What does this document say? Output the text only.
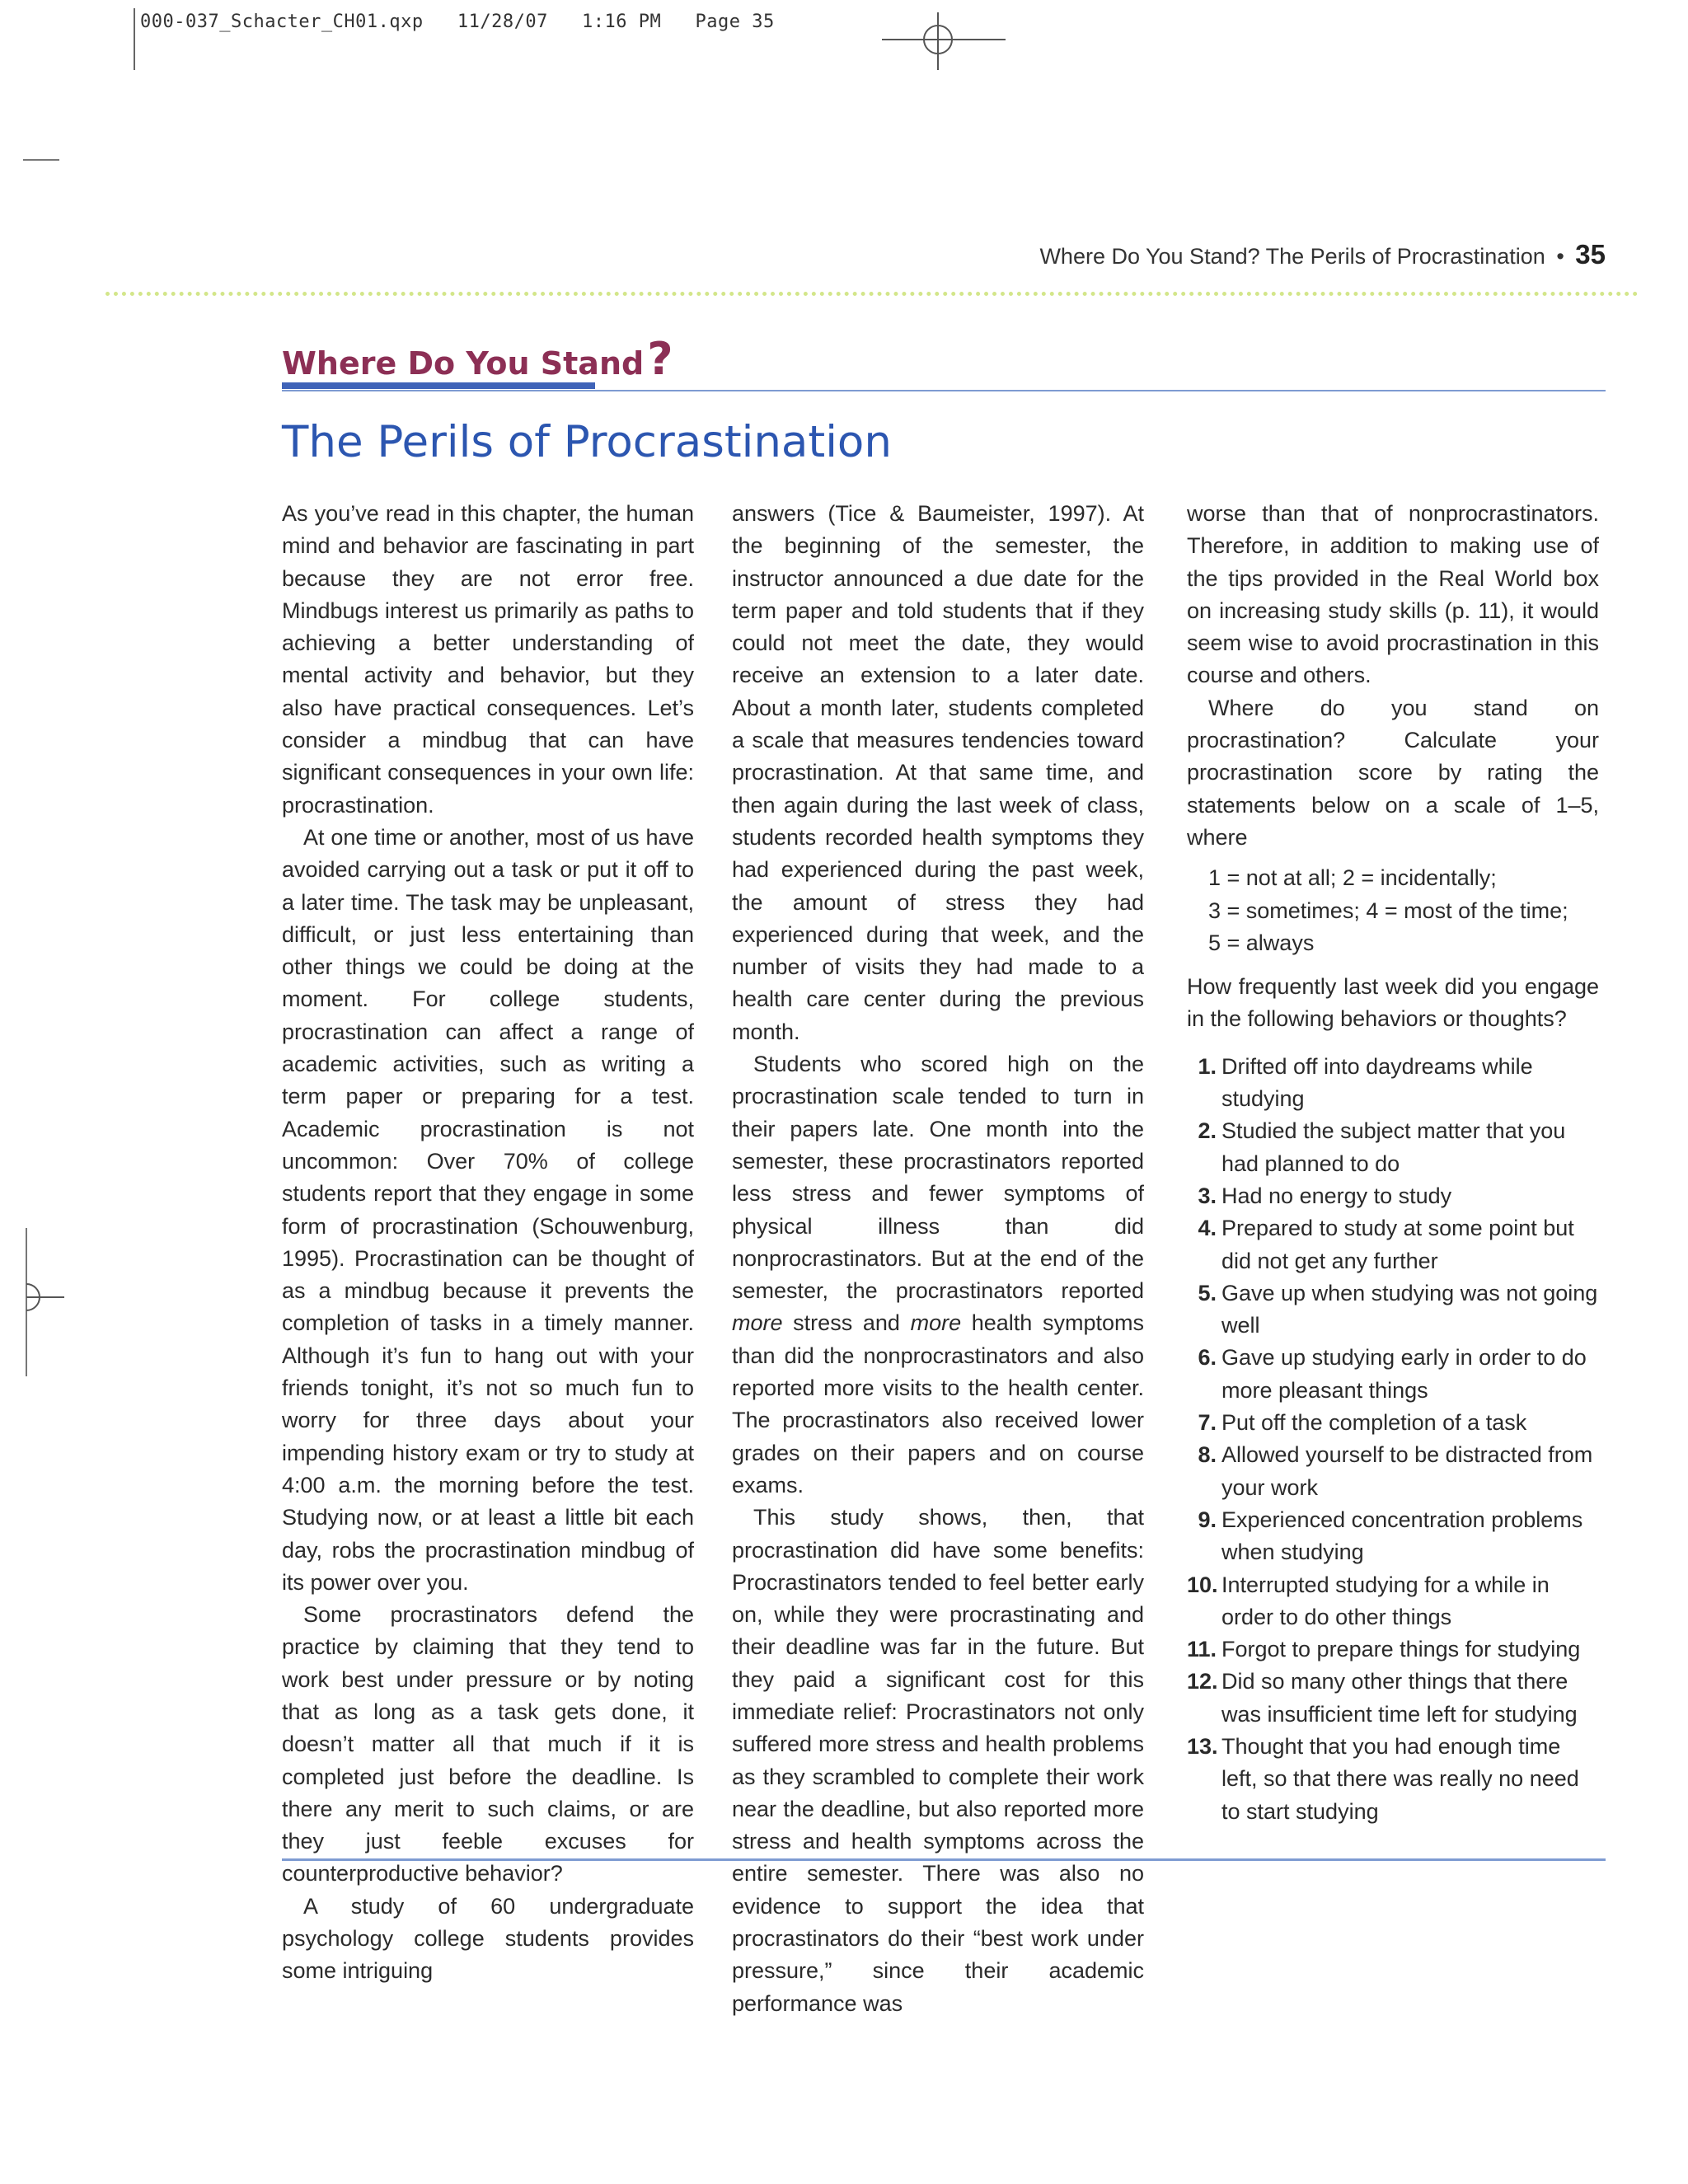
000-037_Schacter_CH01.qxp   11/28/07   1:16 PM   Page 35
Where Do You Stand? The Perils of Procrastination • 35
Where Do You Stand?
The Perils of Procrastination

As you’ve read in this chapter, the human mind and behavior are fascinating in part because they are not error free. Mindbugs interest us primarily as paths to achieving a better understanding of mental activity and behavior, but they also have practical consequences. Let’s consider a mindbug that can have significant consequences in your own life: procrastination.

At one time or another, most of us have avoided carrying out a task or put it off to a later time. The task may be unpleasant, difficult, or just less entertaining than other things we could be doing at the moment. For college students, procrastination can affect a range of academic activities, such as writing a term paper or preparing for a test. Academic procrastination is not uncommon: Over 70% of college students report that they engage in some form of procrastination (Schouwenburg, 1995). Procrastination can be thought of as a mindbug because it prevents the completion of tasks in a timely manner. Although it’s fun to hang out with your friends tonight, it’s not so much fun to worry for three days about your impending history exam or try to study at 4:00 a.m. the morning before the test. Studying now, or at least a little bit each day, robs the procrastination mindbug of its power over you.

Some procrastinators defend the practice by claiming that they tend to work best under pressure or by noting that as long as a task gets done, it doesn’t matter all that much if it is completed just before the deadline. Is there any merit to such claims, or are they just feeble excuses for counterproductive behavior?

A study of 60 undergraduate psychology college students provides some intriguing

answers (Tice & Baumeister, 1997). At the beginning of the semester, the instructor announced a due date for the term paper and told students that if they could not meet the date, they would receive an extension to a later date. About a month later, students completed a scale that measures tendencies toward procrastination. At that same time, and then again during the last week of class, students recorded health symptoms they had experienced during the past week, the amount of stress they had experienced during that week, and the number of visits they had made to a health care center during the previous month.

Students who scored high on the procrastination scale tended to turn in their papers late. One month into the semester, these procrastinators reported less stress and fewer symptoms of physical illness than did nonprocrastinators. But at the end of the semester, the procrastinators reported more stress and more health symptoms than did the nonprocrastinators and also reported more visits to the health center. The procrastinators also received lower grades on their papers and on course exams.

This study shows, then, that procrastination did have some benefits: Procrastinators tended to feel better early on, while they were procrastinating and their deadline was far in the future. But they paid a significant cost for this immediate relief: Procrastinators not only suffered more stress and health problems as they scrambled to complete their work near the deadline, but also reported more stress and health symptoms across the entire semester. There was also no evidence to support the idea that procrastinators do their “best work under pressure,” since their academic performance was

worse than that of nonprocrastinators. Therefore, in addition to making use of the tips provided in the Real World box on increasing study skills (p. 11), it would seem wise to avoid procrastination in this course and others.

Where do you stand on procrastination? Calculate your procrastination score by rating the statements below on a scale of 1–5, where

1 = not at all; 2 = incidentally;
3 = sometimes; 4 = most of the time;
5 = always

How frequently last week did you engage in the following behaviors or thoughts?

1. Drifted off into daydreams while studying
2. Studied the subject matter that you had planned to do
3. Had no energy to study
4. Prepared to study at some point but did not get any further
5. Gave up when studying was not going well
6. Gave up studying early in order to do more pleasant things
7. Put off the completion of a task
8. Allowed yourself to be distracted from your work
9. Experienced concentration problems when studying
10. Interrupted studying for a while in order to do other things
11. Forgot to prepare things for studying
12. Did so many other things that there was insufficient time left for studying
13. Thought that you had enough time left, so that there was really no need to start studying
